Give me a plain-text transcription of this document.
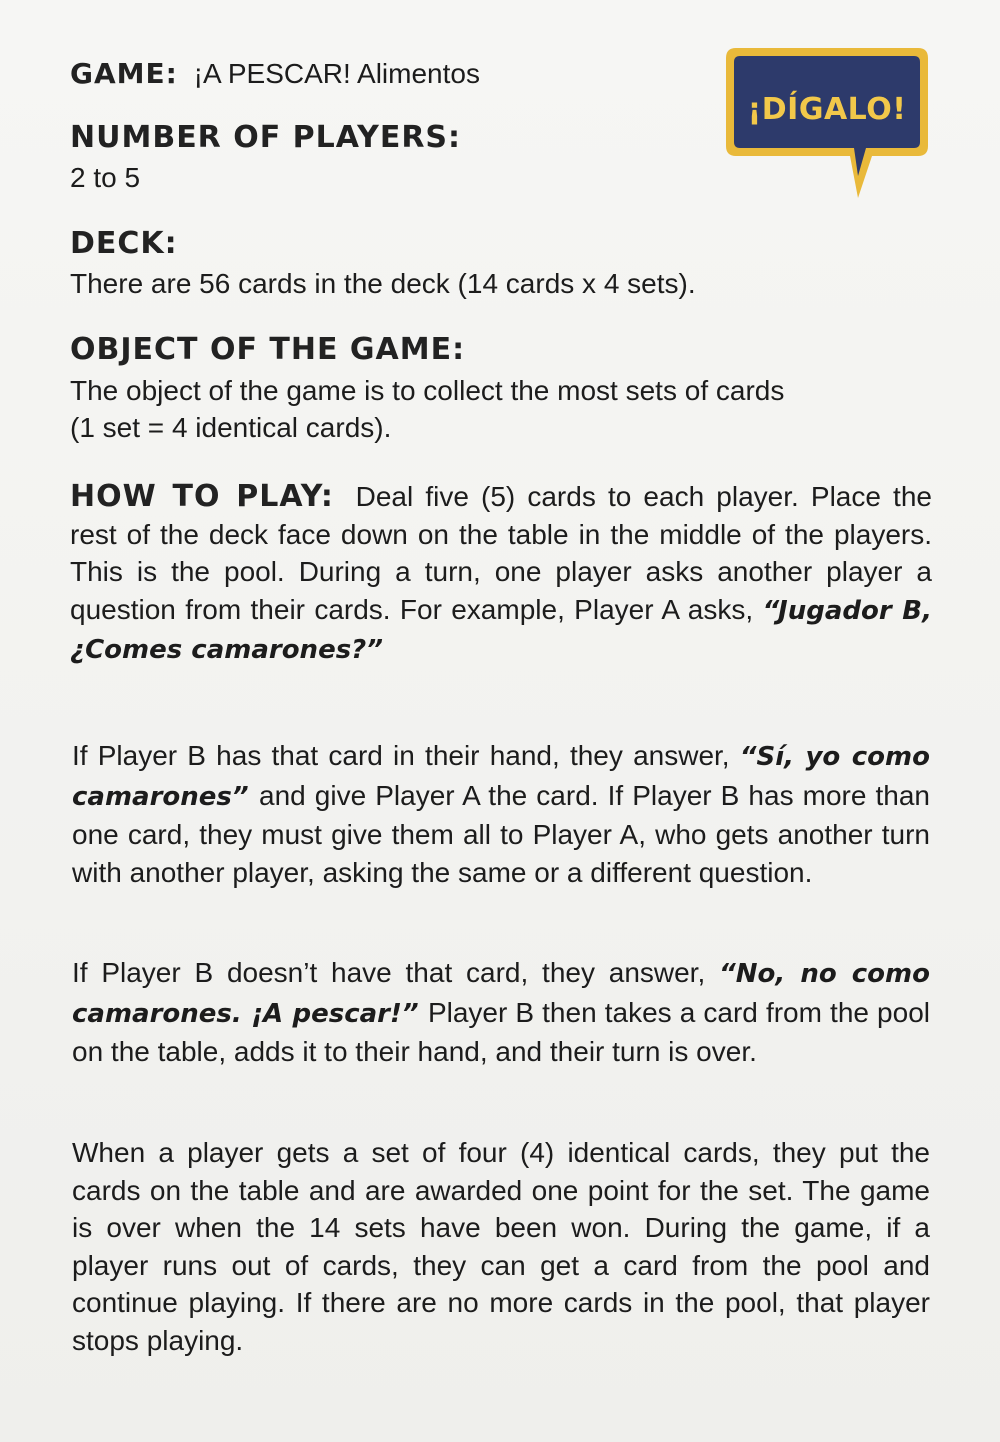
¡DÍGALO!
GAME: ¡A PESCAR! Alimentos
NUMBER OF PLAYERS:
2 to 5
DECK:
There are 56 cards in the deck (14 cards x 4 sets).
OBJECT OF THE GAME:
The object of the game is to collect the most sets of cards (1 set = 4 identical cards).
HOW TO PLAY: Deal five (5) cards to each player. Place the rest of the deck face down on the table in the middle of the players. This is the pool. During a turn, one player asks another player a question from their cards. For example, Player A asks, “Jugador B, ¿Comes camarones?”
If Player B has that card in their hand, they answer, “Sí, yo como camarones” and give Player A the card. If Player B has more than one card, they must give them all to Player A, who gets another turn with another player, asking the same or a different question.
If Player B doesn’t have that card, they answer, “No, no como camarones. ¡A pescar!” Player B then takes a card from the pool on the table, adds it to their hand, and their turn is over.
When a player gets a set of four (4) identical cards, they put the cards on the table and are awarded one point for the set. The game is over when the 14 sets have been won. During the game, if a player runs out of cards, they can get a card from the pool and continue playing. If there are no more cards in the pool, that player stops playing.
